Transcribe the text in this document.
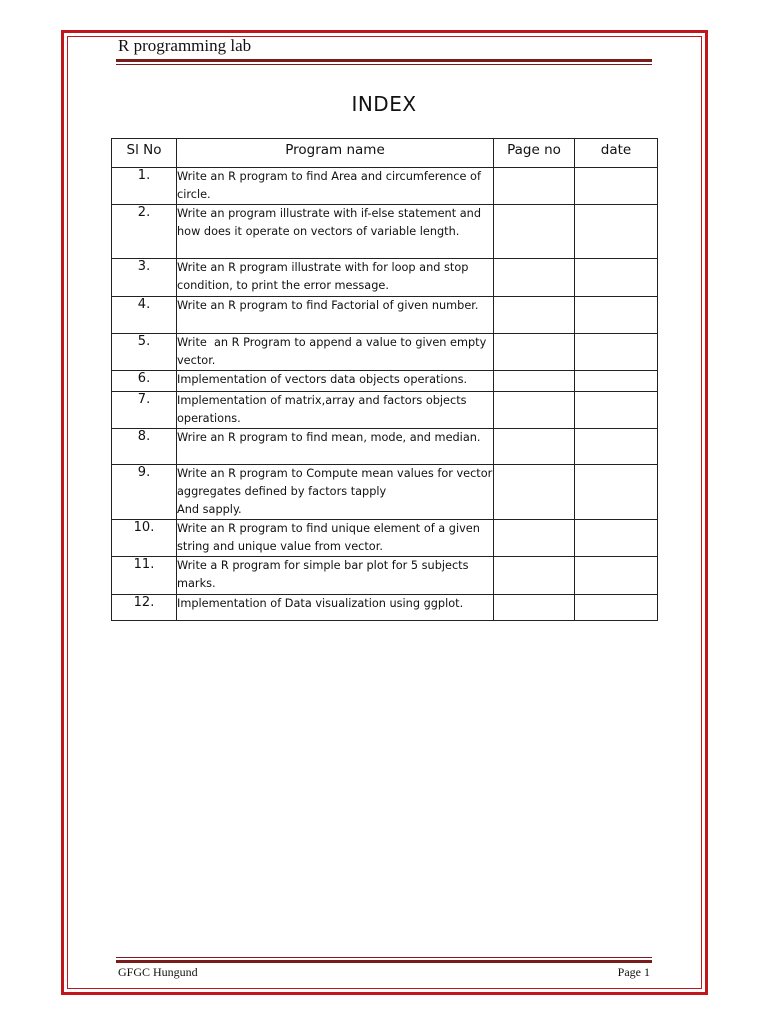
R programming lab
INDEX
Sl No	Program name	Page no	date
1.	Write an R program to find Area and circumference of circle.		
2.	Write an program illustrate with if-else statement and how does it operate on vectors of variable length.		
3.	Write an R program illustrate with for loop and stop condition, to print the error message.		
4.	Write an R program to find Factorial of given number.		
5.	Write  an R Program to append a value to given empty vector.		
6.	Implementation of vectors data objects operations.		
7.	Implementation of matrix,array and factors objects operations.		
8.	Wrire an R program to find mean, mode, and median.		
9.	Write an R program to Compute mean values for vector aggregates defined by factors tapply
And sapply.		
10.	Write an R program to find unique element of a given string and unique value from vector.		
11.	Write a R program for simple bar plot for 5 subjects marks.		
12.	Implementation of Data visualization using ggplot.		
GFGC Hungund	Page 1
